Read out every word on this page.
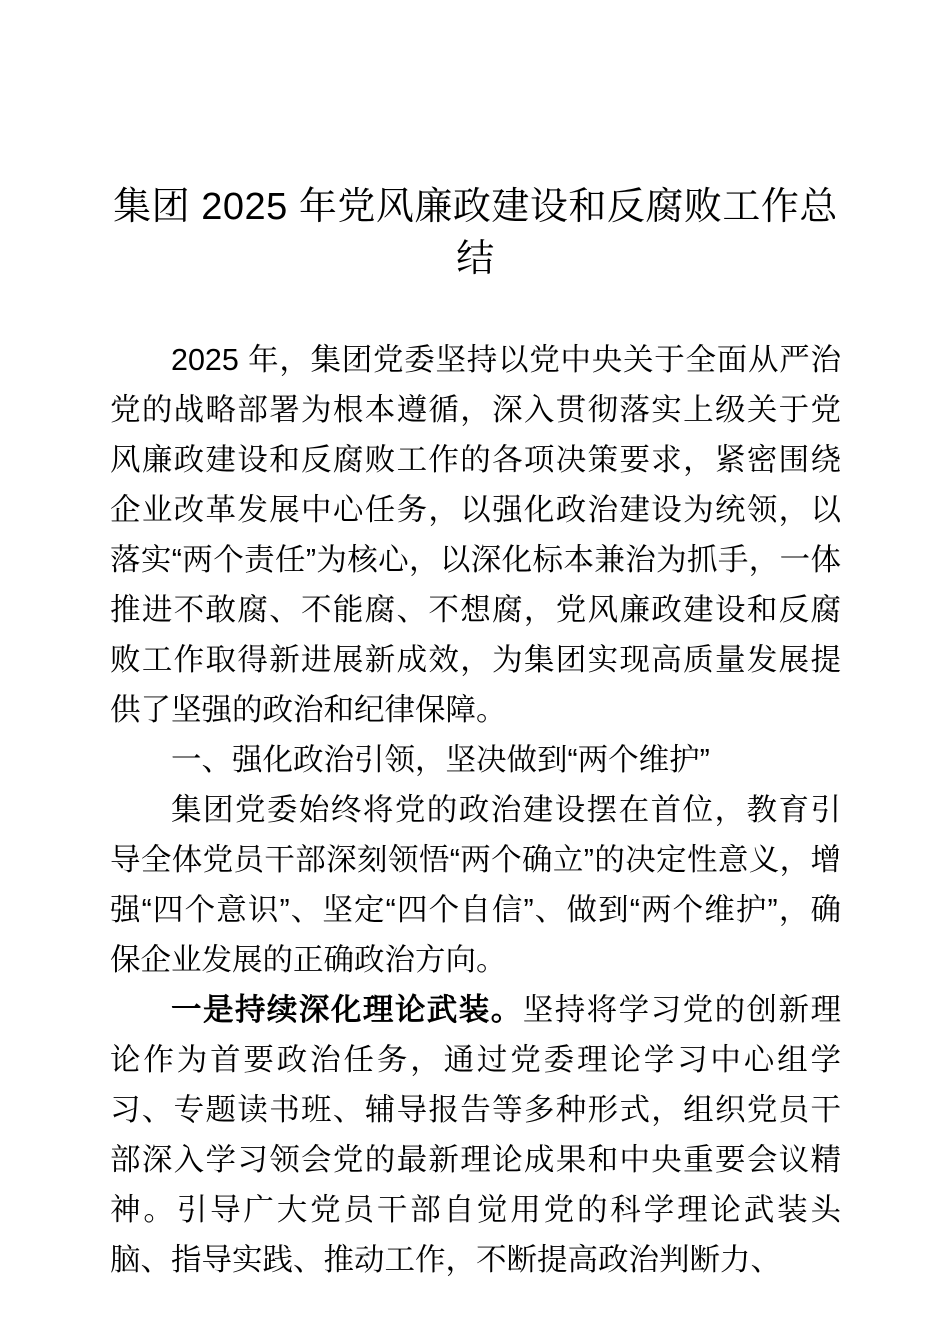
集团 2025 年党风廉政建设和反腐败工作总结

2025 年，集团党委坚持以党中央关于全面从严治党的战略部署为根本遵循，深入贯彻落实上级关于党风廉政建设和反腐败工作的各项决策要求，紧密围绕企业改革发展中心任务，以强化政治建设为统领，以落实“两个责任”为核心，以深化标本兼治为抓手，一体推进不敢腐、不能腐、不想腐，党风廉政建设和反腐败工作取得新进展新成效，为集团实现高质量发展提供了坚强的政治和纪律保障。

一、强化政治引领，坚决做到“两个维护”

集团党委始终将党的政治建设摆在首位，教育引导全体党员干部深刻领悟“两个确立”的决定性意义，增强“四个意识”、坚定“四个自信”、做到“两个维护”，确保企业发展的正确政治方向。

一是持续深化理论武装。坚持将学习党的创新理论作为首要政治任务，通过党委理论学习中心组学习、专题读书班、辅导报告等多种形式，组织党员干部深入学习领会党的最新理论成果和中央重要会议精神。引导广大党员干部自觉用党的科学理论武装头脑、指导实践、推动工作，不断提高政治判断力、
